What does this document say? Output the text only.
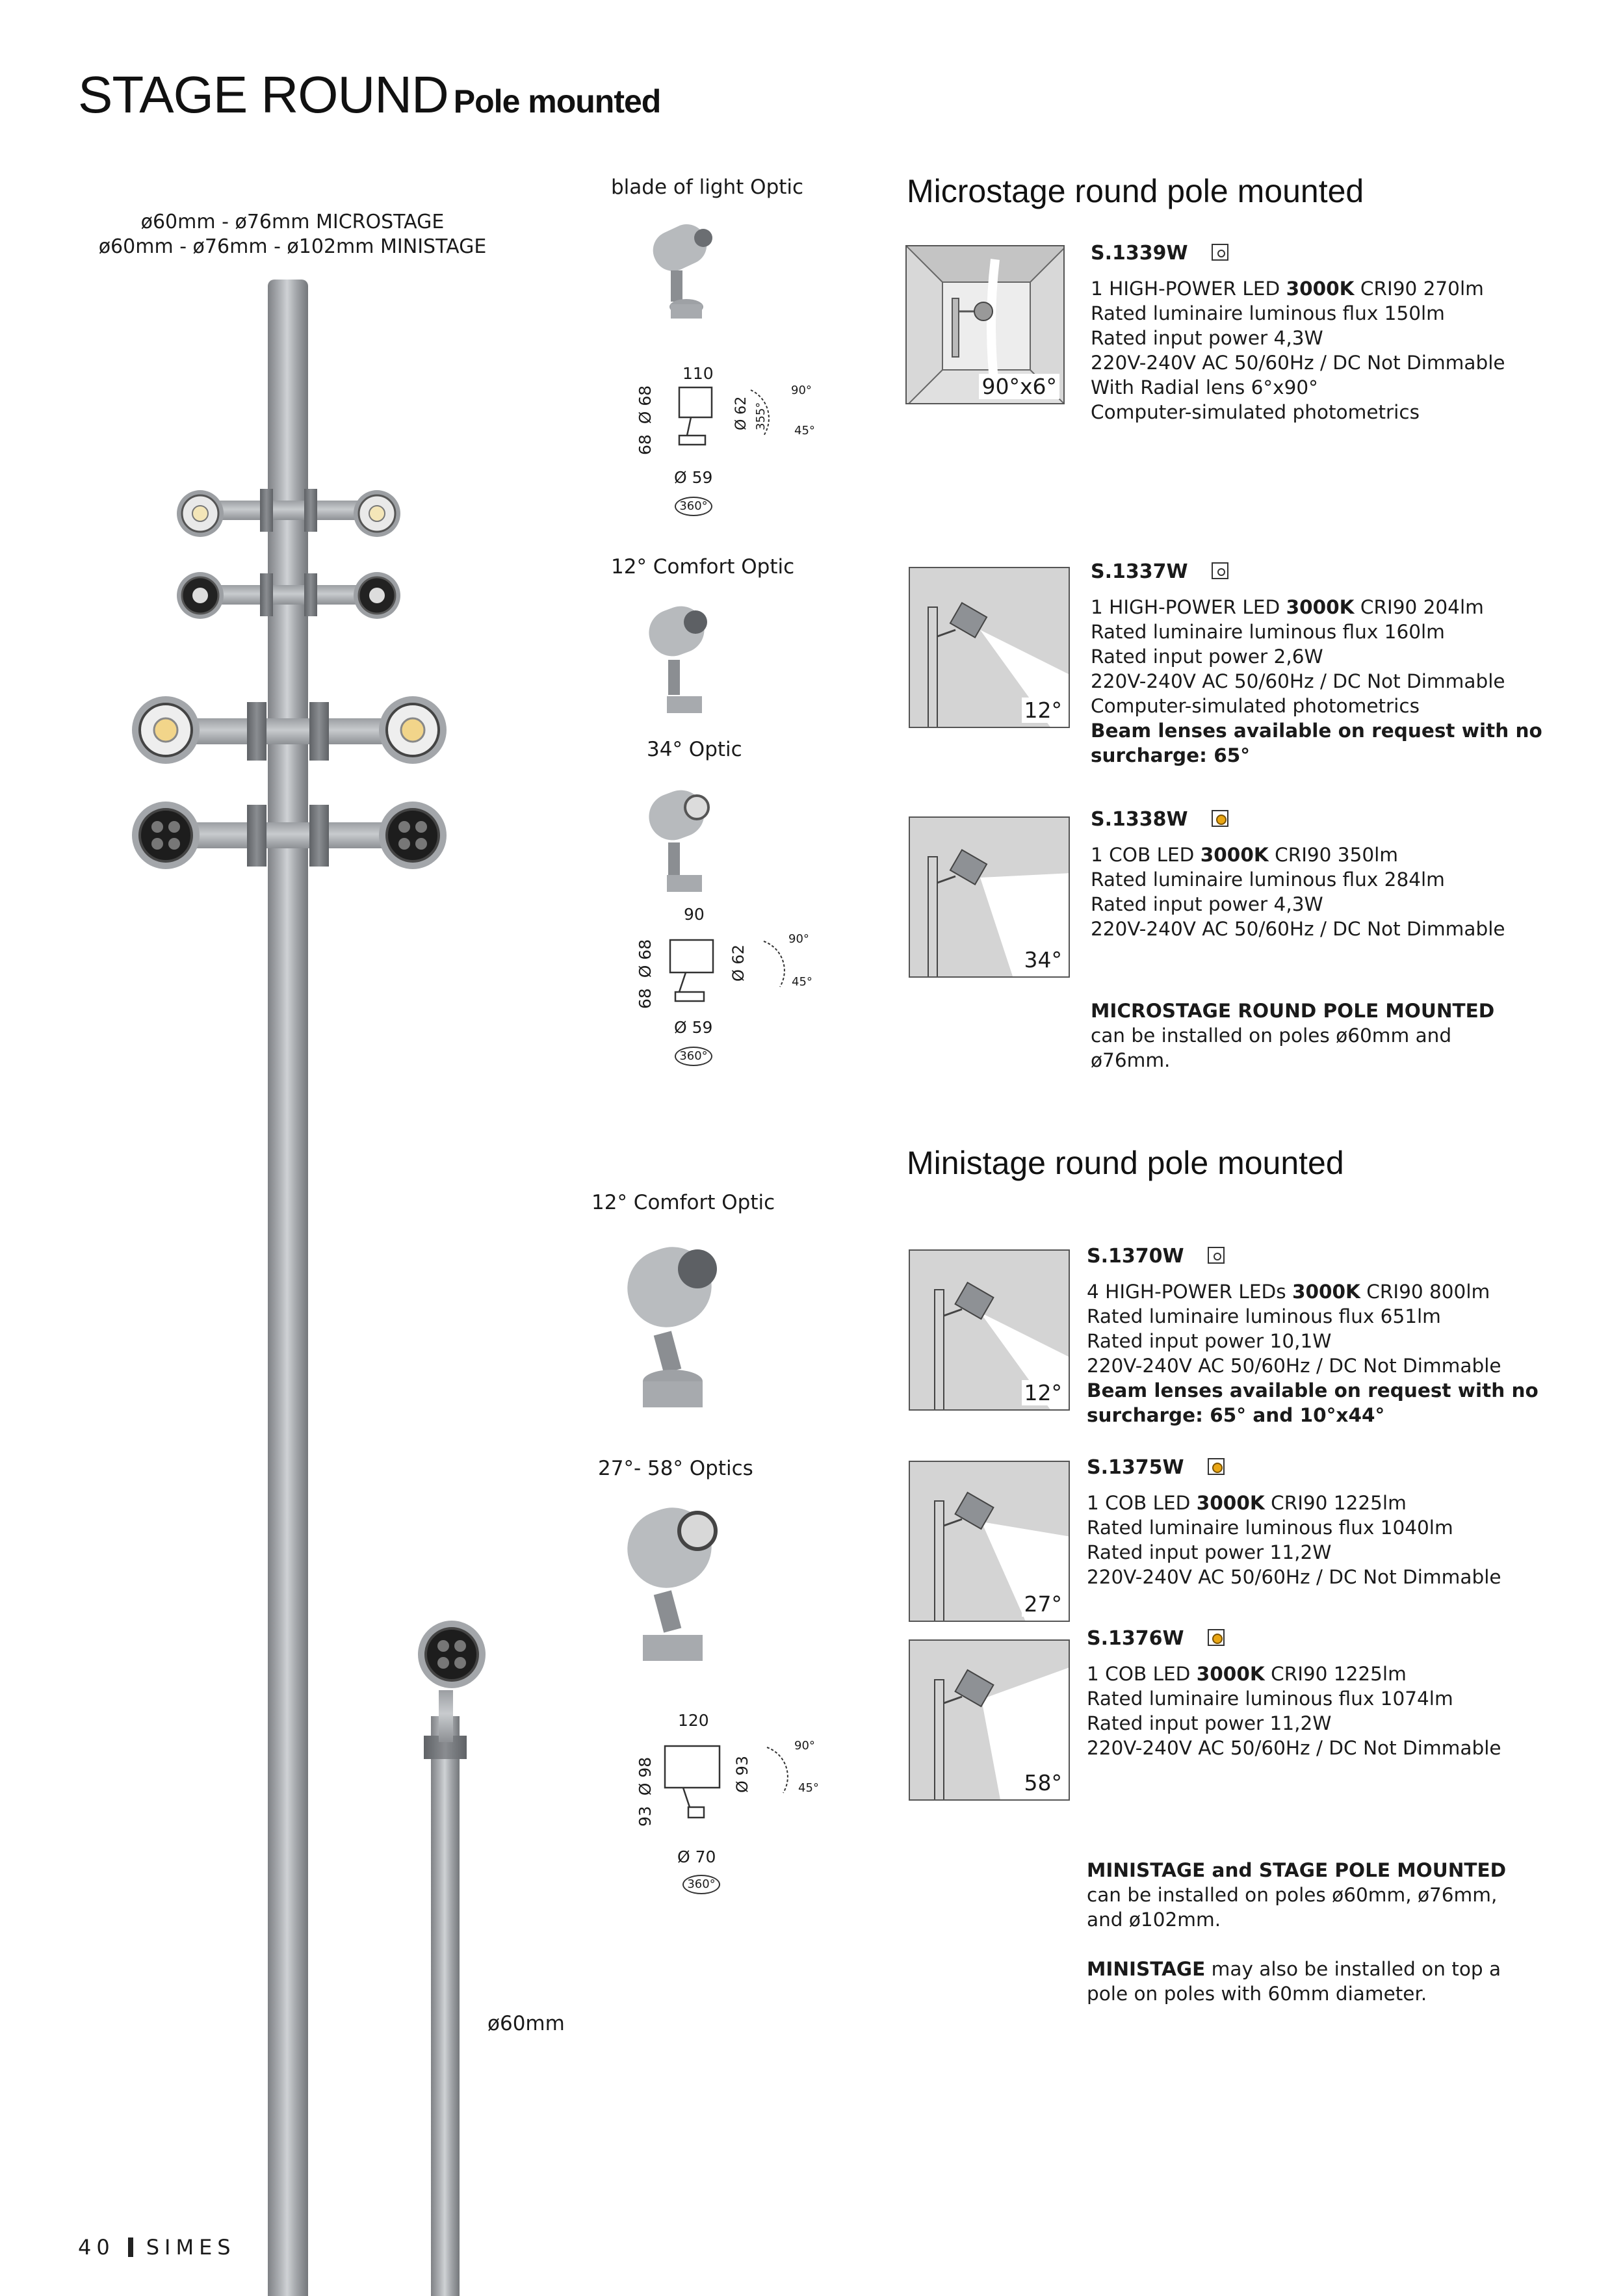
STAGE ROUND Pole mounted
ø60mm - ø76mm MICROSTAGE
ø60mm - ø76mm - ø102mm MINISTAGE
ø60mm
blade of light Optic
110
68  Ø 68	Ø 62 355°
90°
45°
Ø 59
360°
12° Comfort Optic
34° Optic
90
68  Ø 68	Ø 62
90°
45°
Ø 59
360°
12° Comfort Optic
27°- 58° Optics
120
93  Ø 98	Ø 93
90°
45°
Ø 70
360°
Microstage round pole mounted
90°x6°
S.1339W
1 HIGH-POWER LED 3000K CRI90 270lm
Rated luminaire luminous flux 150lm
Rated input power 4,3W
220V-240V AC 50/60Hz / DC Not Dimmable
With Radial lens 6°x90°
Computer-simulated photometrics
12°
S.1337W
1 HIGH-POWER LED 3000K CRI90 204lm
Rated luminaire luminous flux 160lm
Rated input power 2,6W
220V-240V AC 50/60Hz / DC Not Dimmable
Computer-simulated photometrics
Beam lenses available on request with no
surcharge: 65°
34°
S.1338W
1 COB LED 3000K CRI90 350lm
Rated luminaire luminous flux 284lm
Rated input power 4,3W
220V-240V AC 50/60Hz / DC Not Dimmable
MICROSTAGE ROUND POLE MOUNTED
can be installed on poles ø60mm and
ø76mm.
Ministage round pole mounted
12°
S.1370W
4 HIGH-POWER LEDs 3000K CRI90 800lm
Rated luminaire luminous flux 651lm
Rated input power 10,1W
220V-240V AC 50/60Hz / DC Not Dimmable
Beam lenses available on request with no
surcharge: 65° and 10°x44°
27°
S.1375W
1 COB LED 3000K CRI90 1225lm
Rated luminaire luminous flux 1040lm
Rated input power 11,2W
220V-240V AC 50/60Hz / DC Not Dimmable
58°
S.1376W
1 COB LED 3000K CRI90 1225lm
Rated luminaire luminous flux 1074lm
Rated input power 11,2W
220V-240V AC 50/60Hz / DC Not Dimmable
MINISTAGE and STAGE POLE MOUNTED
can be installed on poles ø60mm, ø76mm,
and ø102mm.
MINISTAGE may also be installed on top a
pole on poles with 60mm diameter.
40 SIMES
